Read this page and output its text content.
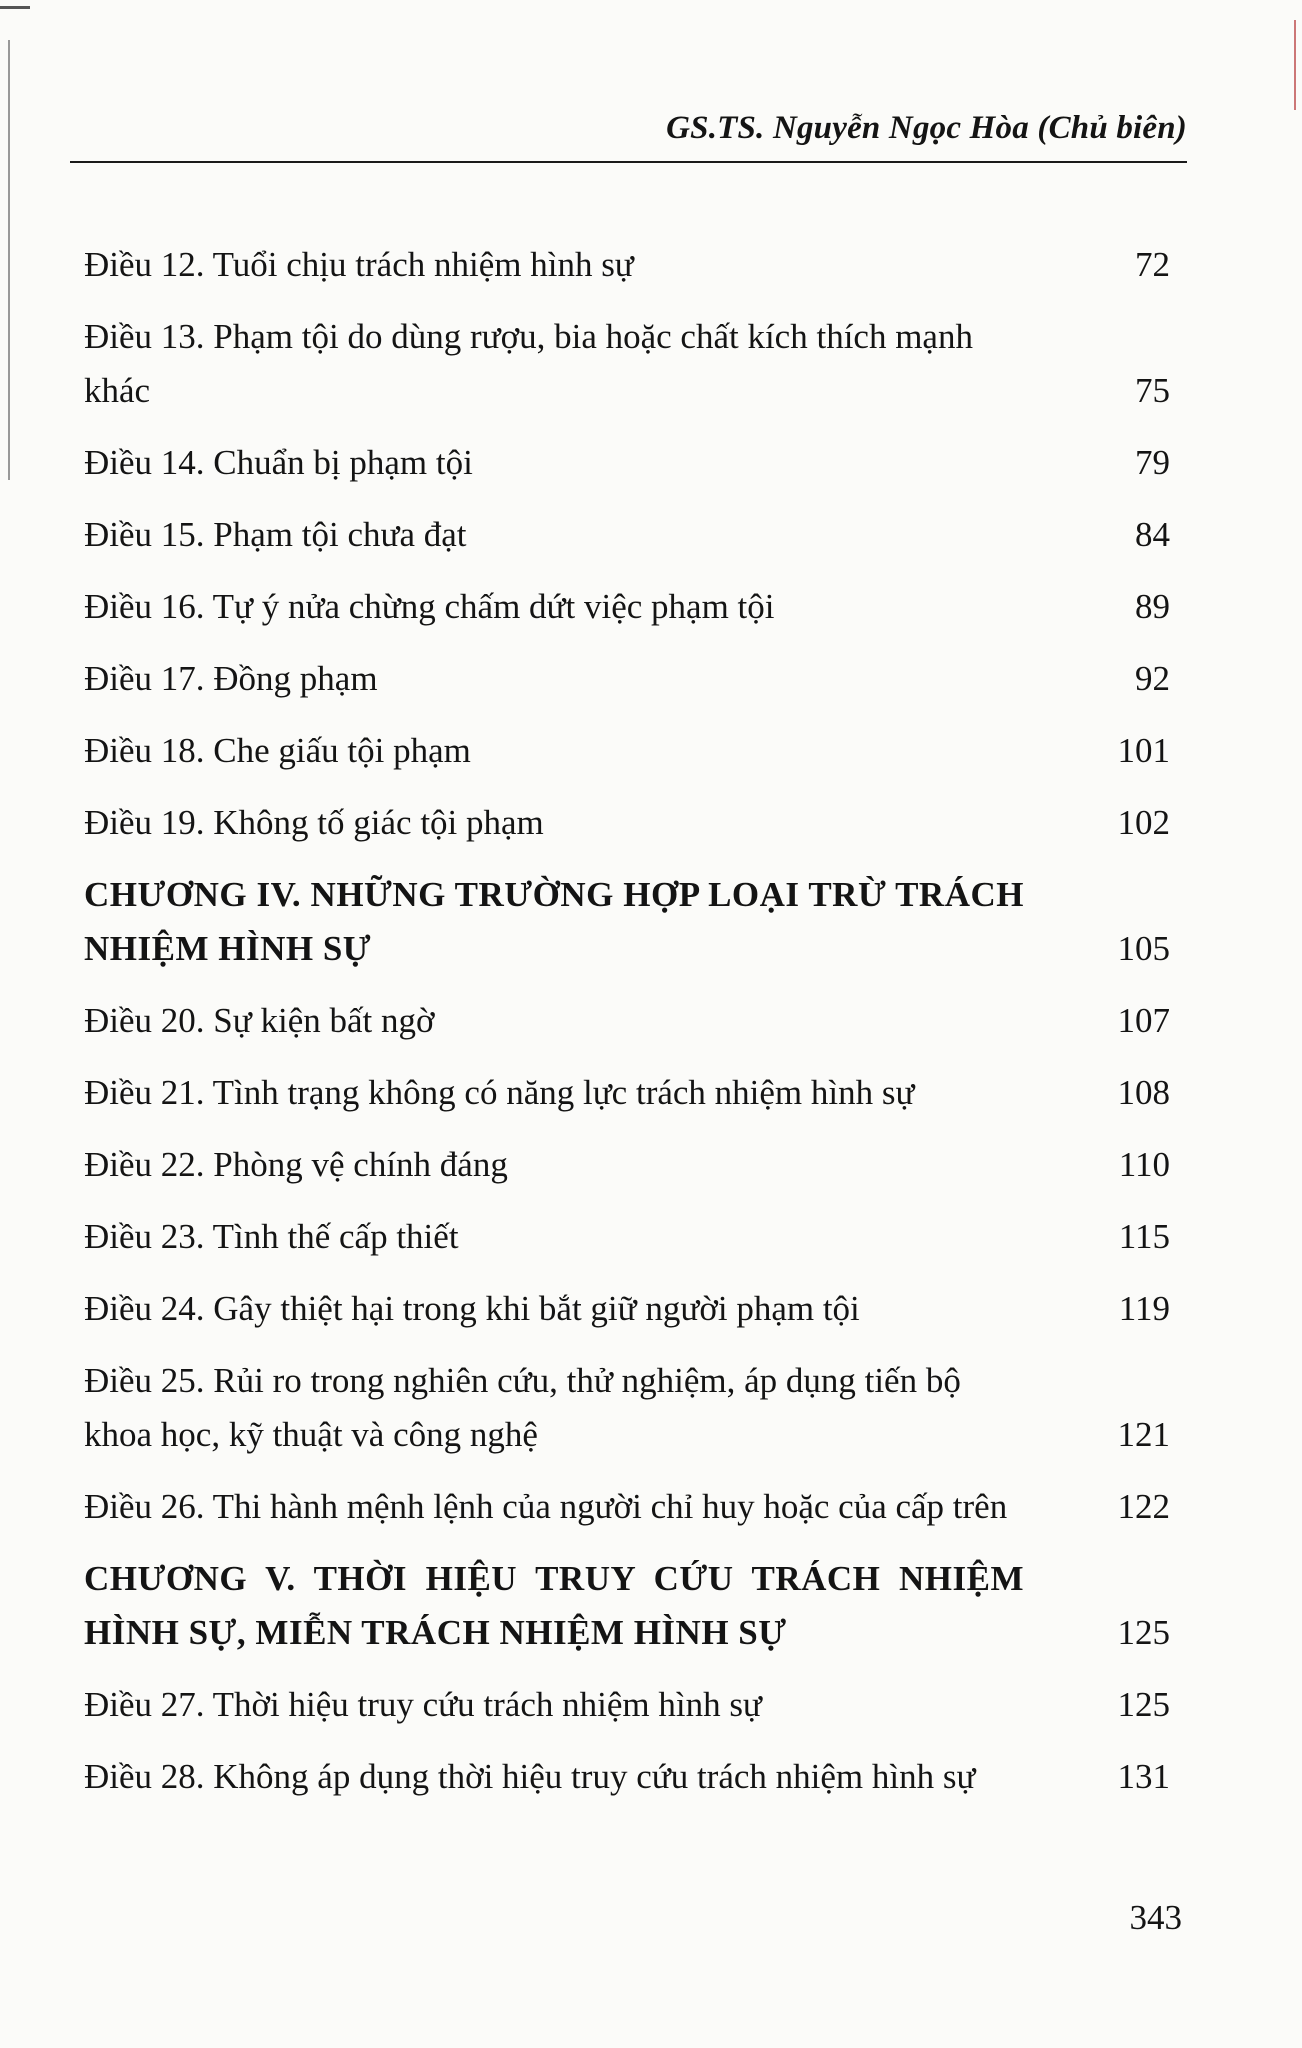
GS.TS. Nguyễn Ngọc Hòa (Chủ biên)
Điều 12. Tuổi chịu trách nhiệm hình sự	72
Điều 13. Phạm tội do dùng rượu, bia hoặc chất kích thích mạnh khác	75
Điều 14. Chuẩn bị phạm tội	79
Điều 15. Phạm tội chưa đạt	84
Điều 16. Tự ý nửa chừng chấm dứt việc phạm tội	89
Điều 17. Đồng phạm	92
Điều 18. Che giấu tội phạm	101
Điều 19. Không tố giác tội phạm	102
CHƯƠNG IV. NHỮNG TRƯỜNG HỢP LOẠI TRỪ TRÁCH NHIỆM HÌNH SỰ	105
Điều 20. Sự kiện bất ngờ	107
Điều 21. Tình trạng không có năng lực trách nhiệm hình sự	108
Điều 22. Phòng vệ chính đáng	110
Điều 23. Tình thế cấp thiết	115
Điều 24. Gây thiệt hại trong khi bắt giữ người phạm tội	119
Điều 25. Rủi ro trong nghiên cứu, thử nghiệm, áp dụng tiến bộ khoa học, kỹ thuật và công nghệ	121
Điều 26. Thi hành mệnh lệnh của người chỉ huy hoặc của cấp trên	122
CHƯƠNG V. THỜI HIỆU TRUY CỨU TRÁCH NHIỆM HÌNH SỰ, MIỄN TRÁCH NHIỆM HÌNH SỰ	125
Điều 27. Thời hiệu truy cứu trách nhiệm hình sự	125
Điều 28. Không áp dụng thời hiệu truy cứu trách nhiệm hình sự	131
343
